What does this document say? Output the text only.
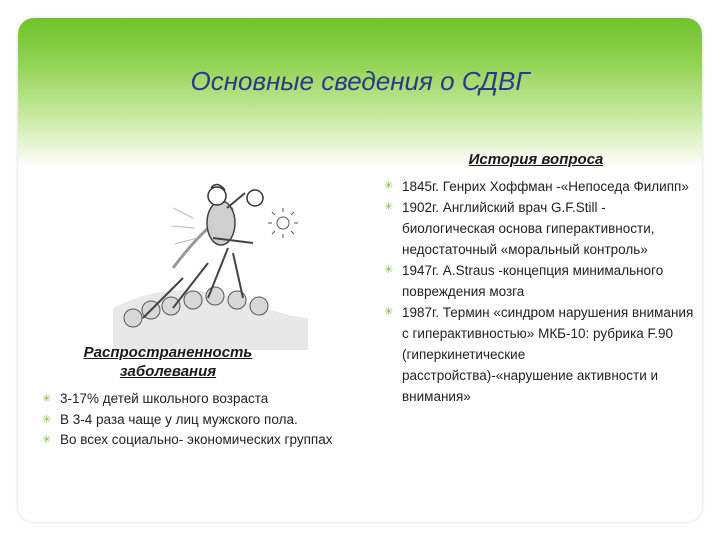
Основные сведения о СДВГ
Распространенность заболевания
История вопроса
✳ 1845г. Генрих Хоффман -«Непоседа Филипп»
✳ 1902г. Английский врач G.F.Still - биологическая основа гиперактивности, недостаточный «моральный контроль»
✳ 1947г. A.Straus -концепция минимального повреждения мозга
✳ 1987г. Термин «синдром нарушения внимания с гиперактивностью» МКБ-10: рубрика F.90 (гиперкинетические расстройства)-«нарушение активности и внимания»
✳ 3-17% детей школьного возраста
✳ В 3-4 раза чаще у лиц мужского пола.
✳ Во всех социально- экономических группах
